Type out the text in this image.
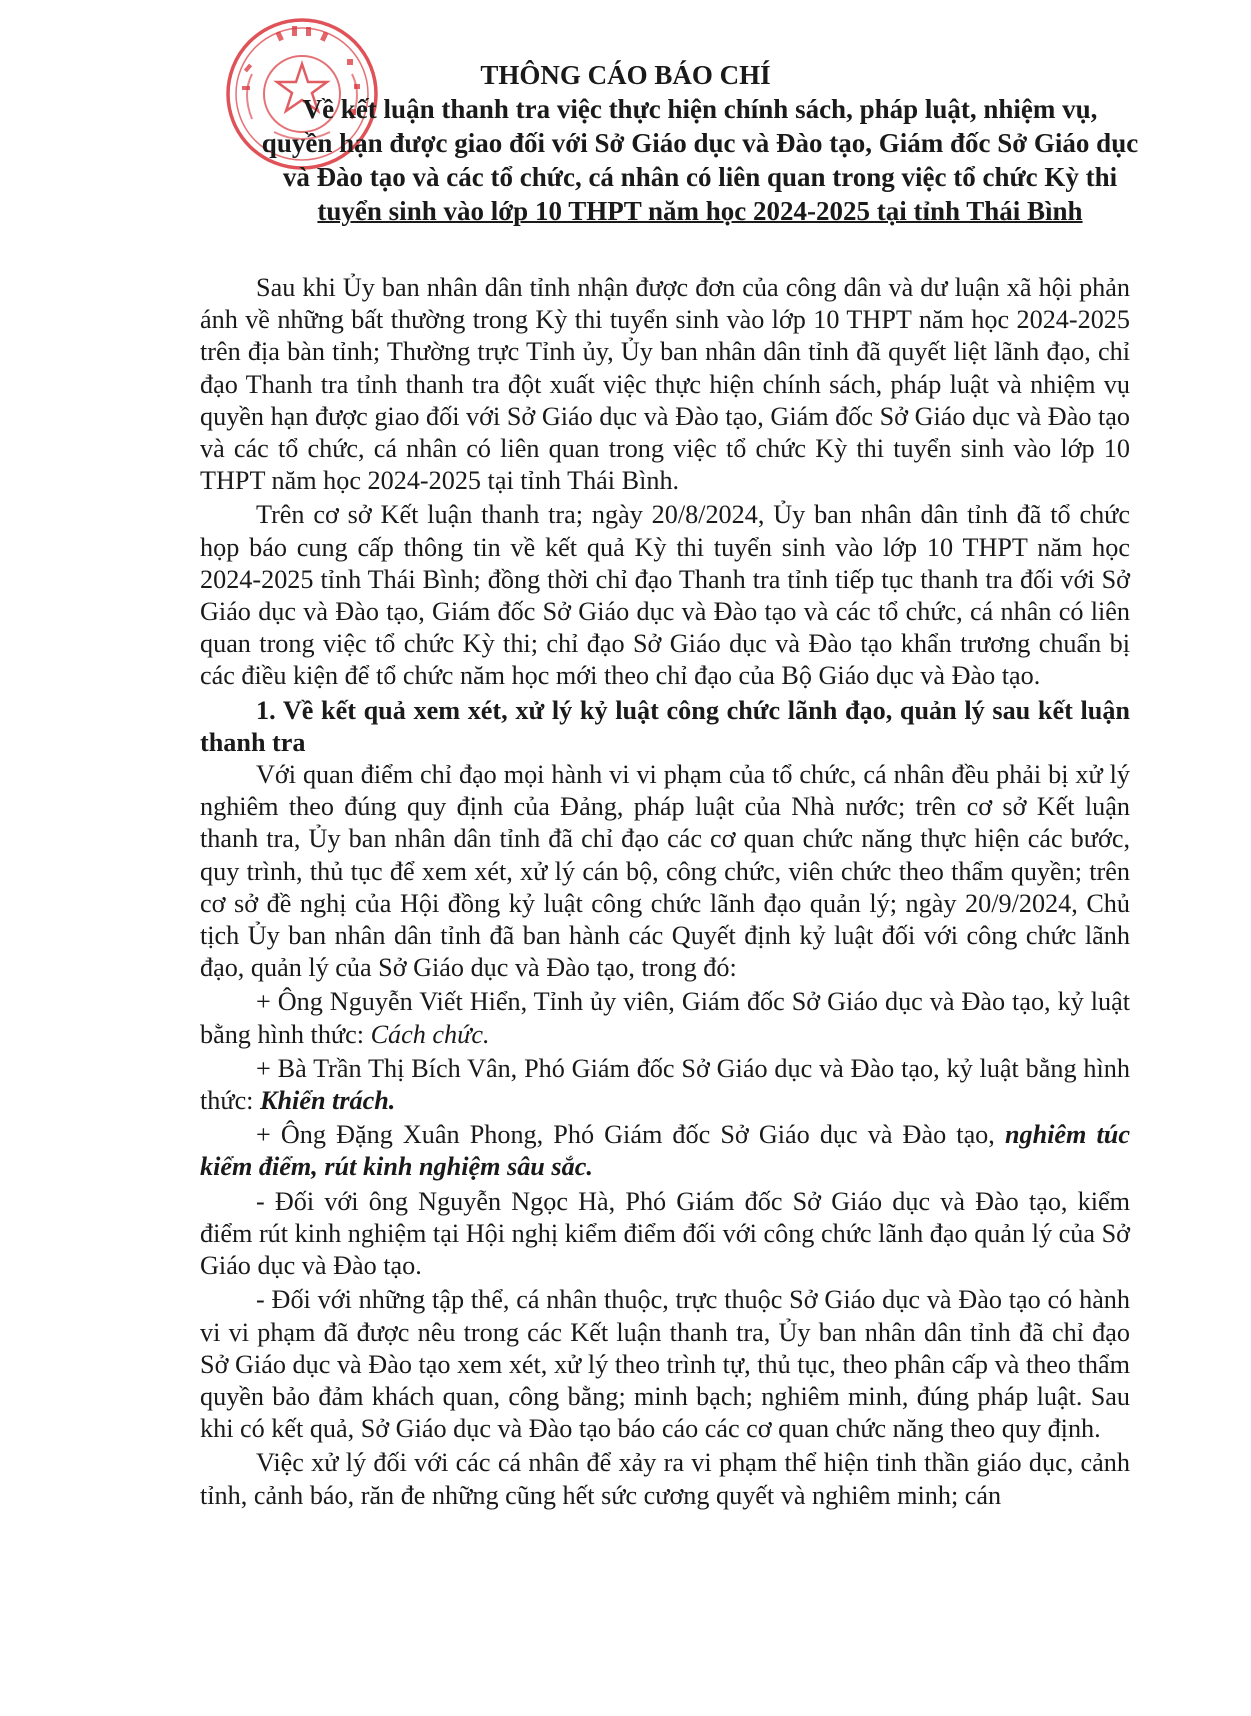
THÔNG CÁO BÁO CHÍ
Về kết luận thanh tra việc thực hiện chính sách, pháp luật, nhiệm vụ,
quyền hạn được giao đối với Sở Giáo dục và Đào tạo, Giám đốc Sở Giáo dục
và Đào tạo và các tổ chức, cá nhân có liên quan trong việc tổ chức Kỳ thi
tuyển sinh vào lớp 10 THPT năm học 2024-2025 tại tỉnh Thái Bình

Sau khi Ủy ban nhân dân tỉnh nhận được đơn của công dân và dư luận xã hội phản ánh về những bất thường trong Kỳ thi tuyển sinh vào lớp 10 THPT năm học 2024-2025 trên địa bàn tỉnh; Thường trực Tỉnh ủy, Ủy ban nhân dân tỉnh đã quyết liệt lãnh đạo, chỉ đạo Thanh tra tỉnh thanh tra đột xuất việc thực hiện chính sách, pháp luật và nhiệm vụ quyền hạn được giao đối với Sở Giáo dục và Đào tạo, Giám đốc Sở Giáo dục và Đào tạo và các tổ chức, cá nhân có liên quan trong việc tổ chức Kỳ thi tuyển sinh vào lớp 10 THPT năm học 2024-2025 tại tỉnh Thái Bình.

Trên cơ sở Kết luận thanh tra; ngày 20/8/2024, Ủy ban nhân dân tỉnh đã tổ chức họp báo cung cấp thông tin về kết quả Kỳ thi tuyển sinh vào lớp 10 THPT năm học 2024-2025 tỉnh Thái Bình; đồng thời chỉ đạo Thanh tra tỉnh tiếp tục thanh tra đối với Sở Giáo dục và Đào tạo, Giám đốc Sở Giáo dục và Đào tạo và các tổ chức, cá nhân có liên quan trong việc tổ chức Kỳ thi; chỉ đạo Sở Giáo dục và Đào tạo khẩn trương chuẩn bị các điều kiện để tổ chức năm học mới theo chỉ đạo của Bộ Giáo dục và Đào tạo.

1. Về kết quả xem xét, xử lý kỷ luật công chức lãnh đạo, quản lý sau kết luận thanh tra

Với quan điểm chỉ đạo mọi hành vi vi phạm của tổ chức, cá nhân đều phải bị xử lý nghiêm theo đúng quy định của Đảng, pháp luật của Nhà nước; trên cơ sở Kết luận thanh tra, Ủy ban nhân dân tỉnh đã chỉ đạo các cơ quan chức năng thực hiện các bước, quy trình, thủ tục để xem xét, xử lý cán bộ, công chức, viên chức theo thẩm quyền; trên cơ sở đề nghị của Hội đồng kỷ luật công chức lãnh đạo quản lý; ngày 20/9/2024, Chủ tịch Ủy ban nhân dân tỉnh đã ban hành các Quyết định kỷ luật đối với công chức lãnh đạo, quản lý của Sở Giáo dục và Đào tạo, trong đó:

+ Ông Nguyễn Viết Hiển, Tỉnh ủy viên, Giám đốc Sở Giáo dục và Đào tạo, kỷ luật bằng hình thức: Cách chức.

+ Bà Trần Thị Bích Vân, Phó Giám đốc Sở Giáo dục và Đào tạo, kỷ luật bằng hình thức: Khiển trách.

+ Ông Đặng Xuân Phong, Phó Giám đốc Sở Giáo dục và Đào tạo, nghiêm túc kiểm điểm, rút kinh nghiệm sâu sắc.

- Đối với ông Nguyễn Ngọc Hà, Phó Giám đốc Sở Giáo dục và Đào tạo, kiểm điểm rút kinh nghiệm tại Hội nghị kiểm điểm đối với công chức lãnh đạo quản lý của Sở Giáo dục và Đào tạo.

- Đối với những tập thể, cá nhân thuộc, trực thuộc Sở Giáo dục và Đào tạo có hành vi vi phạm đã được nêu trong các Kết luận thanh tra, Ủy ban nhân dân tỉnh đã chỉ đạo Sở Giáo dục và Đào tạo xem xét, xử lý theo trình tự, thủ tục, theo phân cấp và theo thẩm quyền bảo đảm khách quan, công bằng; minh bạch; nghiêm minh, đúng pháp luật. Sau khi có kết quả, Sở Giáo dục và Đào tạo báo cáo các cơ quan chức năng theo quy định.

Việc xử lý đối với các cá nhân để xảy ra vi phạm thể hiện tinh thần giáo dục, cảnh tỉnh, cảnh báo, răn đe những cũng hết sức cương quyết và nghiêm minh; cán
